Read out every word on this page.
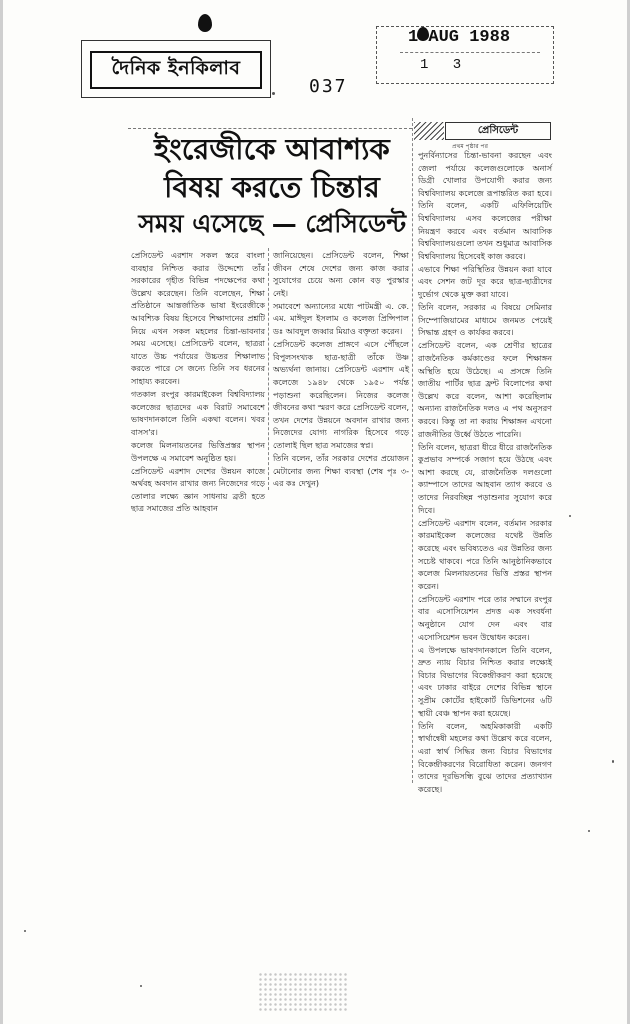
দৈনিক ইনকিলাব
037
1 AUG 1988
1 3
ইংরেজীকে আবাশ্যক
বিষয় করতে চিন্তার
সময় এসেছে — প্রেসিডেন্ট

প্রেসিডেন্ট এরশাদ সকল স্তরে বাংলা ব্যবহার নিশ্চিত করার উদ্দেশ্যে তাঁর সরকারের গৃহীত বিভিন্ন পদক্ষেপের কথা উল্লেখ করেছেন। তিনি বলেছেন, শিক্ষা প্রতিষ্ঠানে আন্তর্জাতিক ভাষা ইংরেজীকে আবশ্যিক বিষয় হিসেবে শিক্ষাদানের প্রশ্নটি নিয়ে এখন সকল মহলের চিন্তা-ভাবনার সময় এসেছে। প্রেসিডেন্ট বলেন, ছাত্ররা যাতে উচ্চ পর্যায়ের উচ্চতর শিক্ষালাভ করতে পারে সে জন্যে তিনি সব ধরনের সাহায্য করবেন।

গতকাল রংপুর কারমাইকেল বিশ্ববিদ্যালয় কলেজের ছাত্রদের এক বিরাট সমাবেশে ভাষণদানকালে তিনি একথা বলেন। খবর বাসস'র।

কলেজ মিলনায়তনের ভিত্তিপ্রস্তর স্থাপন উপলক্ষে এ সমাবেশ অনুষ্ঠিত হয়।

প্রেসিডেন্ট এরশাদ দেশের উন্নয়ন কাজে অর্থবহ অবদান রাখার জন্য নিজেদের গড়ে তোলার লক্ষ্যে জ্ঞান সাধনায় ব্রতী হতে ছাত্র সমাজের প্রতি আহবান

জানিয়েছেন। প্রেসিডেন্ট বলেন, শিক্ষা জীবন শেষে দেশের জন্য কাজ করার সুযোগের চেয়ে অন্য কোন বড় পুরস্কার নেই।

সমাবেশে অন্যান্যের মধ্যে পাটমন্ত্রী এ. কে. এম. মাঈদুল ইসলাম ও কলেজ প্রিন্সিপাল ডঃ আবদুল জব্বার মিয়াও বক্তৃতা করেন।

প্রেসিডেন্ট কলেজ প্রাঙ্গণে এসে পৌঁছলে বিপুলসংখ্যক ছাত্র-ছাত্রী তাঁকে উষ্ণ অভ্যর্থনা জানায়। প্রেসিডেন্ট এরশাদ এই কলেজে ১৯৪৮ থেকে ১৯৫০ পর্যন্ত পড়াশুনা করেছিলেন। নিজের কলেজ জীবনের কথা স্মরণ করে প্রেসিডেন্ট বলেন, তখন দেশের উন্নয়নে অবদান রাখার জন্য নিজেদের যোগ্য নাগরিক হিসেবে গড়ে তোলাই ছিল ছাত্র সমাজের স্বপ্ন।

তিনি বলেন, তাঁর সরকার দেশের প্রয়োজন মেটানোর জন্য শিক্ষা ব্যবস্থা (শেষ পৃঃ ৩-এর কঃ দেখুন)

প্রেসিডেন্ট
প্রথম পৃষ্ঠার পর

পুনর্বিন্যাসের চিন্তা-ভাবনা করছেন এবং জেলা পর্যায়ে কলেজগুলোকে অনার্স ডিগ্রী খোলার উপযোগী করার জন্য বিশ্ববিদ্যালয় কলেজে রূপান্তরিত করা হবে। তিনি বলেন, একটি এফিলিয়েটিং বিশ্ববিদ্যালয় এসব কলেজের পরীক্ষা নিয়ন্ত্রণ করবে এবং বর্তমান আবাসিক বিশ্ববিদ্যালয়গুলো তখন শুধুমাত্র আবাসিক বিশ্ববিদ্যালয় হিসেবেই কাজ করবে।

এভাবে শিক্ষা পরিস্থিতির উন্নয়ন করা যাবে এবং সেশন জট দূর করে ছাত্র-ছাত্রীদের দুর্ভোগ থেকে মুক্ত করা যাবে।

তিনি বলেন, সরকার এ বিষয়ে সেমিনার সিম্পোজিয়ামের মাধ্যমে জনমত পেয়েই সিদ্ধান্ত গ্রহণ ও কার্যকর করবে।

প্রেসিডেন্ট বলেন, এক শ্রেণীর ছাত্রের রাজনৈতিক কর্মকাণ্ডের ফলে শিক্ষাঙ্গন অস্থিতি হয়ে উঠেছে। এ প্রসঙ্গে তিনি জাতীয় পার্টির ছাত্র ফ্রন্ট বিলোপের কথা উল্লেখ করে বলেন, আশা করেছিলাম অন্যান্য রাজনৈতিক দলও এ পথ অনুসরণ করবে। কিন্তু তা না করায় শিক্ষাঙ্গন এখনো রাজনীতির উর্ধ্বে উঠতে পারেনি।

তিনি বলেন, ছাত্ররা ধীরে ধীরে রাজনৈতিক কুপ্রভাব সম্পর্কে সজাগ হয়ে উঠছে এবং আশা করছে যে, রাজনৈতিক দলগুলো ক্যাম্পাসে তাদের আহবান ত্যাগ করবে ও তাদের নিরবচ্ছিন্ন পড়াশুনার সুযোগ করে দিবে।

প্রেসিডেন্ট এরশাদ বলেন, বর্তমান সরকার কারমাইকেল কলেজের যথেষ্ট উন্নতি করেছে এবং ভবিষ্যতেও এর উন্নতির জন্য সচেষ্ট থাকবে। পরে তিনি আনুষ্ঠানিকভাবে কলেজ মিলনায়তনের ভিত্তি প্রস্তর স্থাপন করেন।

প্রেসিডেন্ট এরশাদ পরে তার সম্মানে রংপুর বার এসোসিয়েশন প্রদত্ত এক সংবর্ধনা অনুষ্ঠানে যোগ দেন এবং বার এসোসিয়েশন ভবন উদ্বোধন করেন।

এ উপলক্ষে ভাষণদানকালে তিনি বলেন, দ্রুত ন্যায় বিচার নিশ্চিত করার লক্ষ্যেই বিচার বিভাগের বিকেন্দ্রীকরণ করা হয়েছে এবং ঢাকার বাইরে দেশের বিভিন্ন স্থানে সুপ্রীম কোর্টের হাইকোর্ট ডিভিশনের ৬টি স্থায়ী বেঞ্চ স্থাপন করা হয়েছে।

তিনি বলেন, অহমিকাকারী একটি স্বার্থান্বেষী মহলের কথা উল্লেখ করে বলেন, এরা স্বার্থ সিদ্ধির জন্য বিচার বিভাগের বিকেন্দ্রীকরণের বিরোধিতা করেন। জনগণ তাদের দূরভিসন্ধি বুঝে তাদের প্রত্যাখ্যান করেছে।
